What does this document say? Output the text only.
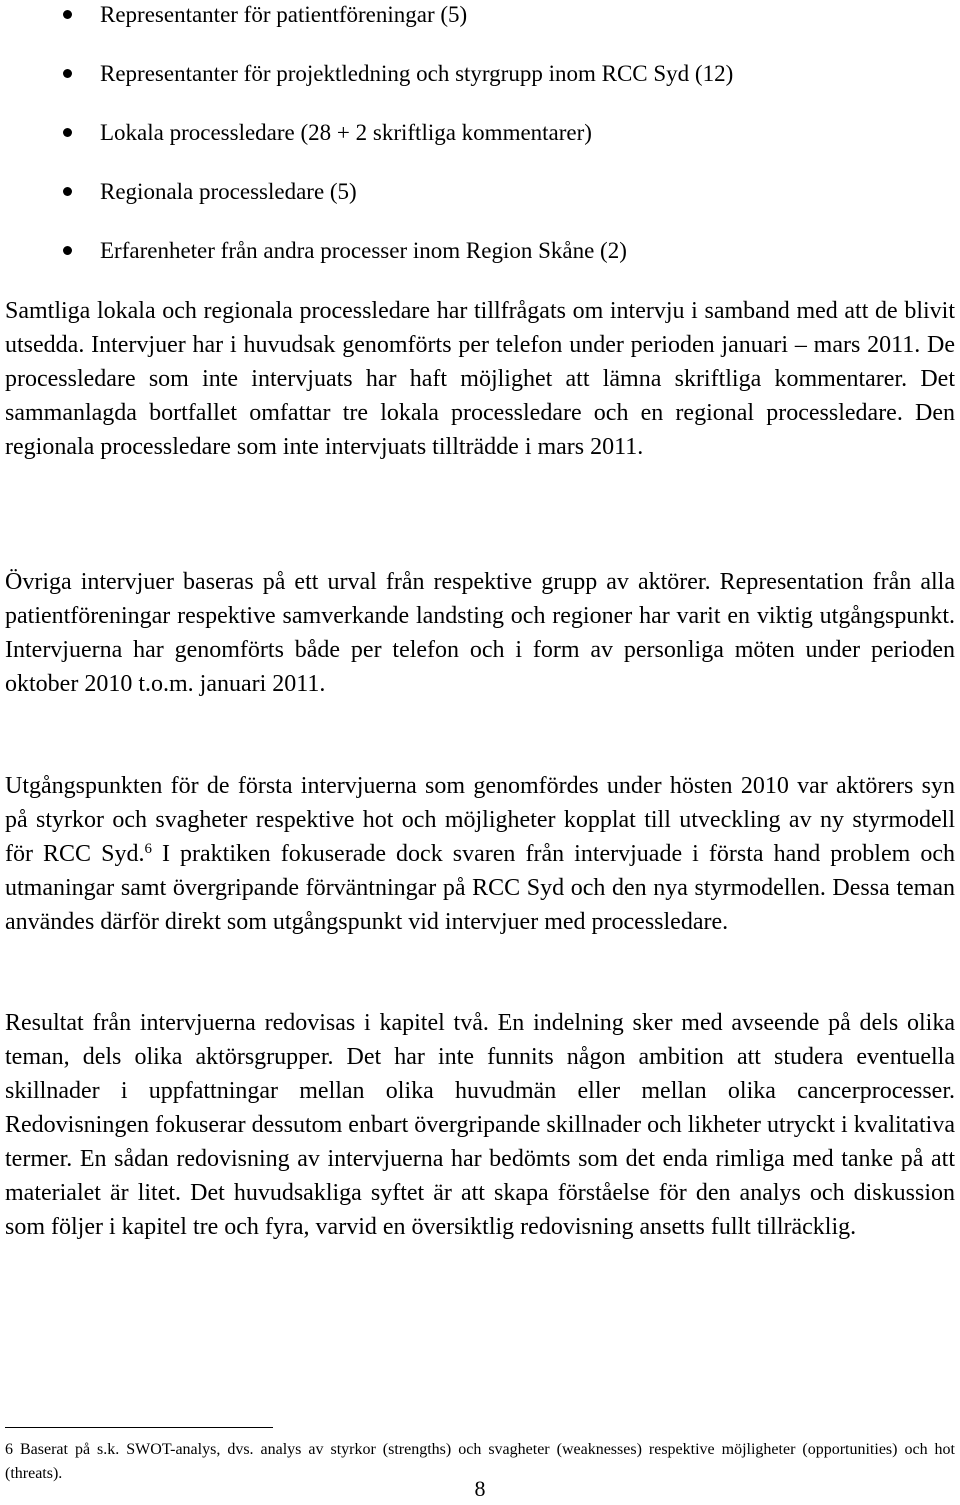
Representanter för patientföreningar (5)
Representanter för projektledning och styrgrupp inom RCC Syd (12)
Lokala processledare (28 + 2 skriftliga kommentarer)
Regionala processledare (5)
Erfarenheter från andra processer inom Region Skåne (2)

Samtliga lokala och regionala processledare har tillfrågats om intervju i samband med att de blivit utsedda. Intervjuer har i huvudsak genomförts per telefon under perioden januari – mars 2011. De processledare som inte intervjuats har haft möjlighet att lämna skriftliga kommentarer. Det sammanlagda bortfallet omfattar tre lokala processledare och en regional processledare. Den regionala processledare som inte intervjuats tillträdde i mars 2011.

Övriga intervjuer baseras på ett urval från respektive grupp av aktörer. Representation från alla patientföreningar respektive samverkande landsting och regioner har varit en viktig utgångspunkt. Intervjuerna har genomförts både per telefon och i form av personliga möten under perioden oktober 2010 t.o.m. januari 2011.

Utgångspunkten för de första intervjuerna som genomfördes under hösten 2010 var aktörers syn på styrkor och svagheter respektive hot och möjligheter kopplat till utveckling av ny styrmodell för RCC Syd.$^6$ I praktiken fokuserade dock svaren från intervjuade i första hand problem och utmaningar samt övergripande förväntningar på RCC Syd och den nya styrmodellen. Dessa teman användes därför direkt som utgångspunkt vid intervjuer med processledare.

Resultat från intervjuerna redovisas i kapitel två. En indelning sker med avseende på dels olika teman, dels olika aktörsgrupper. Det har inte funnits någon ambition att studera eventuella skillnader i uppfattningar mellan olika huvudmän eller mellan olika cancerprocesser. Redovisningen fokuserar dessutom enbart övergripande skillnader och likheter utryckt i kvalitativa termer. En sådan redovisning av intervjuerna har bedömts som det enda rimliga med tanke på att materialet är litet. Det huvudsakliga syftet är att skapa förståelse för den analys och diskussion som följer i kapitel tre och fyra, varvid en översiktlig redovisning ansetts fullt tillräcklig.

6 Baserat på s.k. SWOT-analys, dvs. analys av styrkor (strengths) och svagheter (weaknesses) respektive möjligheter (opportunities) och hot (threats).

8
